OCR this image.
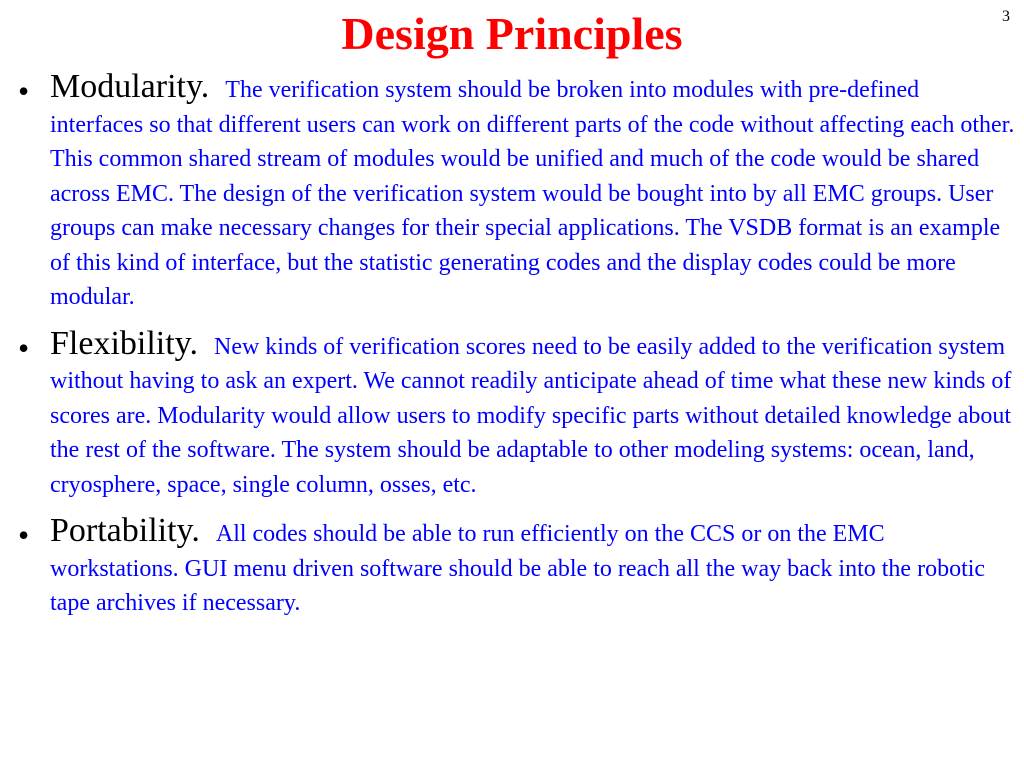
3
Design Principles
• Modularity. The verification system should be broken into modules with pre-defined interfaces so that different users can work on different parts of the code without affecting each other. This common shared stream of modules would be unified and much of the code would be shared across EMC. The design of the verification system would be bought into by all EMC groups. User groups can make necessary changes for their special applications. The VSDB format is an example of this kind of interface, but the statistic generating codes and the display codes could be more modular.
• Flexibility. New kinds of verification scores need to be easily added to the verification system without having to ask an expert. We cannot readily anticipate ahead of time what these new kinds of scores are. Modularity would allow users to modify specific parts without detailed knowledge about the rest of the software. The system should be adaptable to other modeling systems: ocean, land, cryosphere, space, single column, osses, etc.
• Portability. All codes should be able to run efficiently on the CCS or on the EMC workstations. GUI menu driven software should be able to reach all the way back into the robotic tape archives if necessary.
